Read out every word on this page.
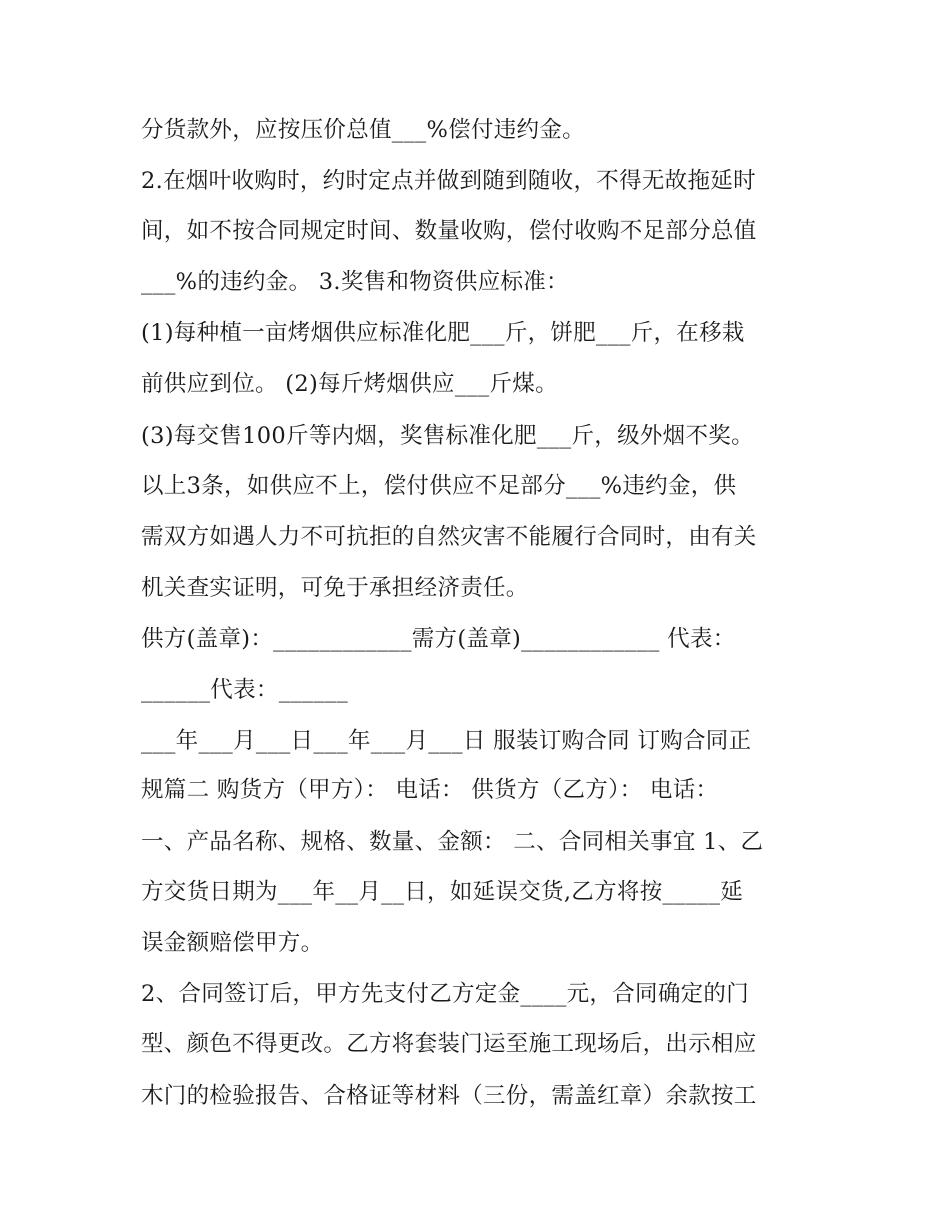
分货款外，应按压价总值___%偿付违约金。

2.在烟叶收购时，约时定点并做到随到随收，不得无故拖延时

间，如不按合同规定时间、数量收购，偿付收购不足部分总值

___%的违约金。 3.奖售和物资供应标准：

(1)每种植一亩烤烟供应标准化肥___斤，饼肥___斤，在移栽

前供应到位。 (2)每斤烤烟供应___斤煤。

(3)每交售100斤等内烟，奖售标准化肥___斤，级外烟不奖。

以上3条，如供应不上，偿付供应不足部分___%违约金，供

需双方如遇人力不可抗拒的自然灾害不能履行合同时，由有关

机关查实证明，可免于承担经济责任。

供方(盖章)：____________需方(盖章)____________ 代表：

______代表：______

___年___月___日___年___月___日 服装订购合同 订购合同正

规篇二 购货方（甲方）： 电话： 供货方（乙方）： 电话：

一、产品名称、规格、数量、金额： 二、合同相关事宜 1、乙

方交货日期为___年__月__日，如延误交货,乙方将按_____延

误金额赔偿甲方。

2、合同签订后，甲方先支付乙方定金____元，合同确定的门

型、颜色不得更改。乙方将套装门运至施工现场后，出示相应

木门的检验报告、合格证等材料（三份，需盖红章）余款按工
